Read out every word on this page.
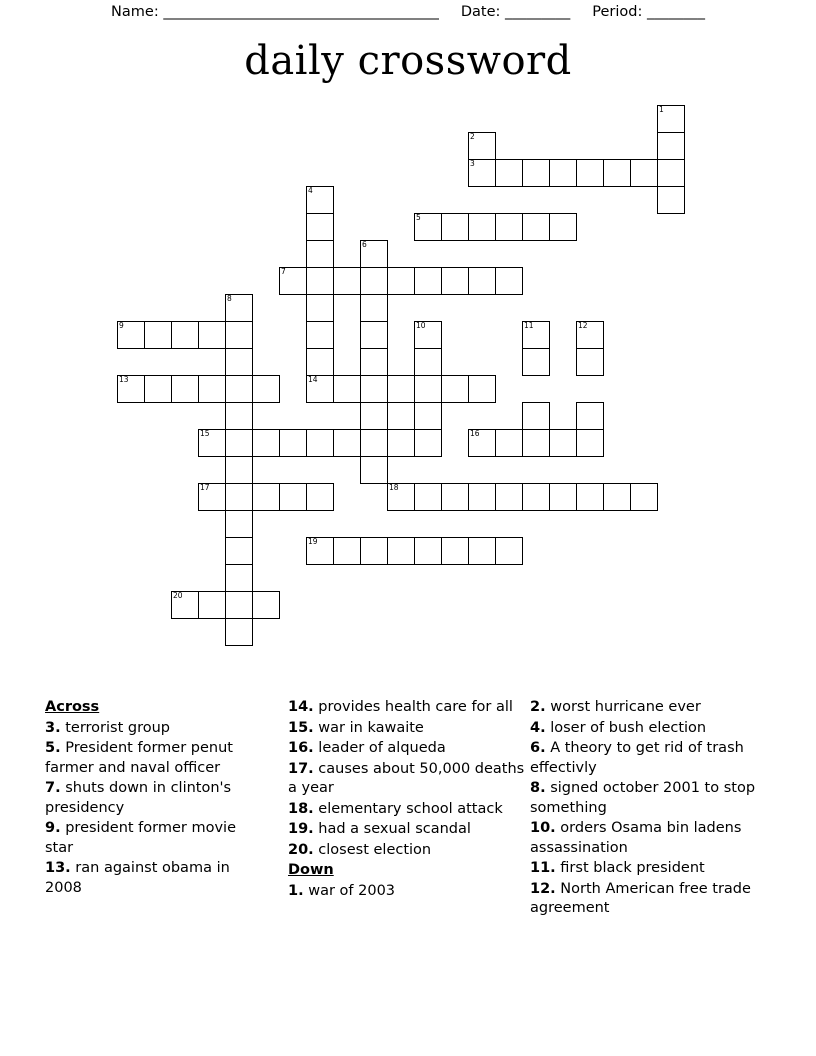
Name: ______________________________________ Date: _________ Period: ________
daily crossword
1
2
3
4
5
6
7
8
9	10	11	12
13	14
15	16
17	18
19
20
Across
3. terrorist group
5. President former penut farmer and naval officer
7. shuts down in clinton's presidency
9. president former movie star
13. ran against obama in 2008
14. provides health care for all
15. war in kawaite
16. leader of alqueda
17. causes about 50,000 deaths a year
18. elementary school attack
19. had a sexual scandal
20. closest election
Down
1. war of 2003
2. worst hurricane ever
4. loser of bush election
6. A theory to get rid of trash effectivly
8. signed october 2001 to stop something
10. orders Osama bin ladens assassination
11. first black president
12. North American free trade agreement
